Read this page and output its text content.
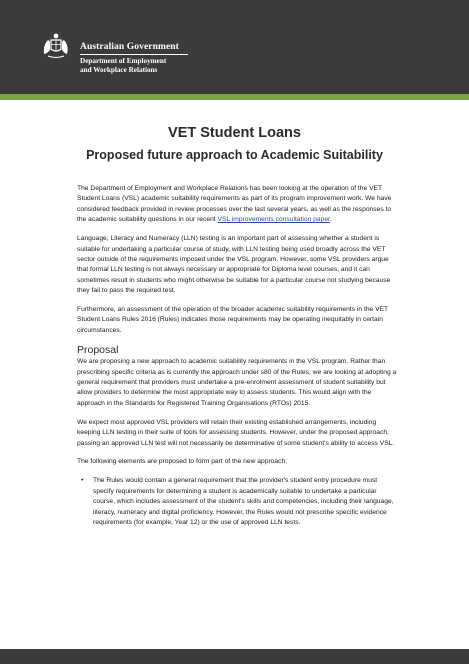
Australian Government
Department of Employment
and Workplace Relations
VET Student Loans
Proposed future approach to Academic Suitability

The Department of Employment and Workplace Relations has been looking at the operation of the VET Student Loans (VSL) academic suitability requirements as part of its program improvement work. We have considered feedback provided in review processes over the last several years, as well as the responses to the academic suitability questions in our recent VSL improvements consultation paper.

Language, Literacy and Numeracy (LLN) testing is an important part of assessing whether a student is suitable for undertaking a particular course of study, with LLN testing being used broadly across the VET sector outside of the requirements imposed under the VSL program. However, some VSL providers argue that formal LLN testing is not always necessary or appropriate for Diploma level courses, and it can sometimes result in students who might otherwise be suitable for a particular course not studying because they fail to pass the required test.

Furthermore, an assessment of the operation of the broader academic suitability requirements in the VET Student Loans Rules 2016 (Rules) indicates those requirements may be operating inequitably in certain circumstances.

Proposal

We are proposing a new approach to academic suitability requirements in the VSL program. Rather than prescribing specific criteria as is currently the approach under s80 of the Rules, we are looking at adopting a general requirement that providers must undertake a pre-enrolment assessment of student suitability but allow providers to determine the most appropriate way to assess students. This would align with the approach in the Standards for Registered Training Organisations (RTOs) 2015.

We expect most approved VSL providers will retain their existing established arrangements, including keeping LLN testing in their suite of tools for assessing students. However, under the proposed approach, passing an approved LLN test will not necessarily be determinative of some student's ability to access VSL.

The following elements are proposed to form part of the new approach:

• The Rules would contain a general requirement that the provider's student entry procedure must specify requirements for determining a student is academically suitable to undertake a particular course, which includes assessment of the student's skills and competencies, including their language, literacy, numeracy and digital proficiency. However, the Rules would not prescribe specific evidence requirements (for example, Year 12) or the use of approved LLN tests.
